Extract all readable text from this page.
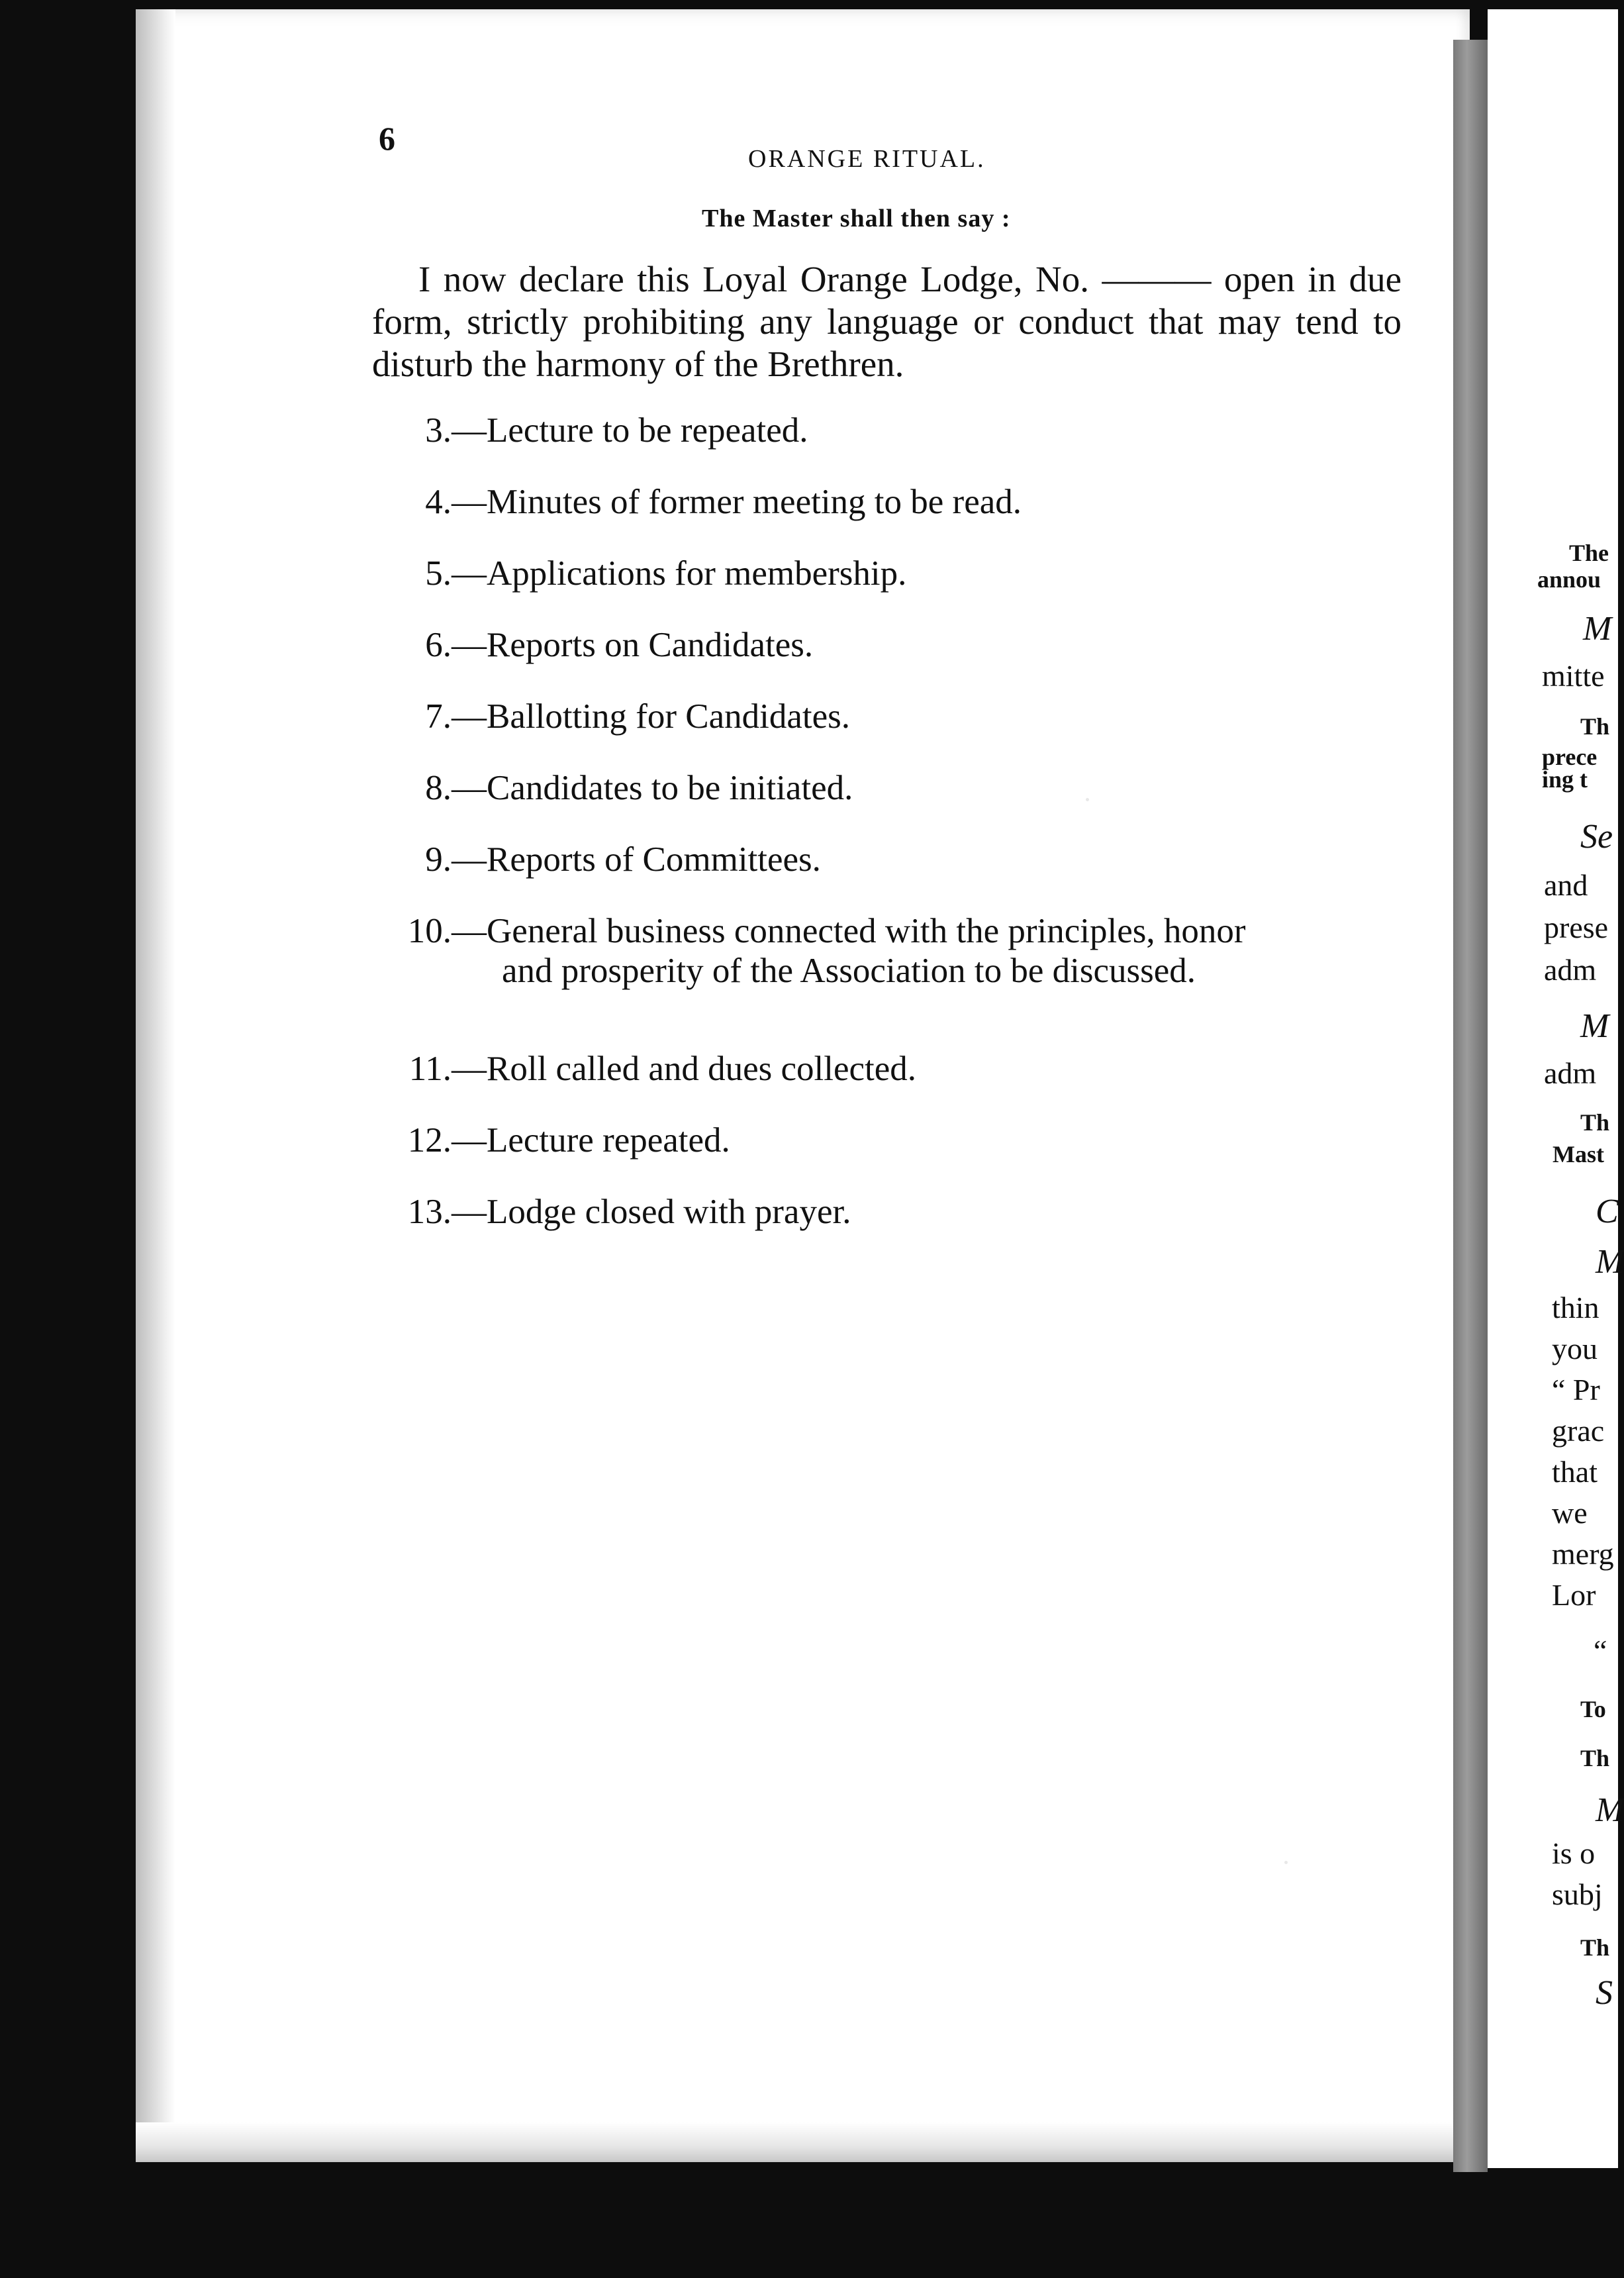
6
ORANGE RITUAL.
The Master shall then say :
I now declare this Loyal Orange Lodge, No. ——— open in due form, strictly prohibiting any language or conduct that may tend to disturb the harmony of the Brethren.
3.—Lecture to be repeated.
4.—Minutes of former meeting to be read.
5.—Applications for membership.
6.—Reports on Candidates.
7.—Ballotting for Candidates.
8.—Candidates to be initiated.
9.—Reports of Committees.
10.—General business connected with the principles, honor
and prosperity of the Association to be discussed.
11.—Roll called and dues collected.
12.—Lecture repeated.
13.—Lodge closed with prayer.
The
annou
M
mitte
Th
prece
ing t
Se
and
prese
adm
M
adm
Th
Mast
C
M
thin
you
“ Pr
grac
that
we
merg
Lor
“
To
Th
M
is o
subj
Th
S
